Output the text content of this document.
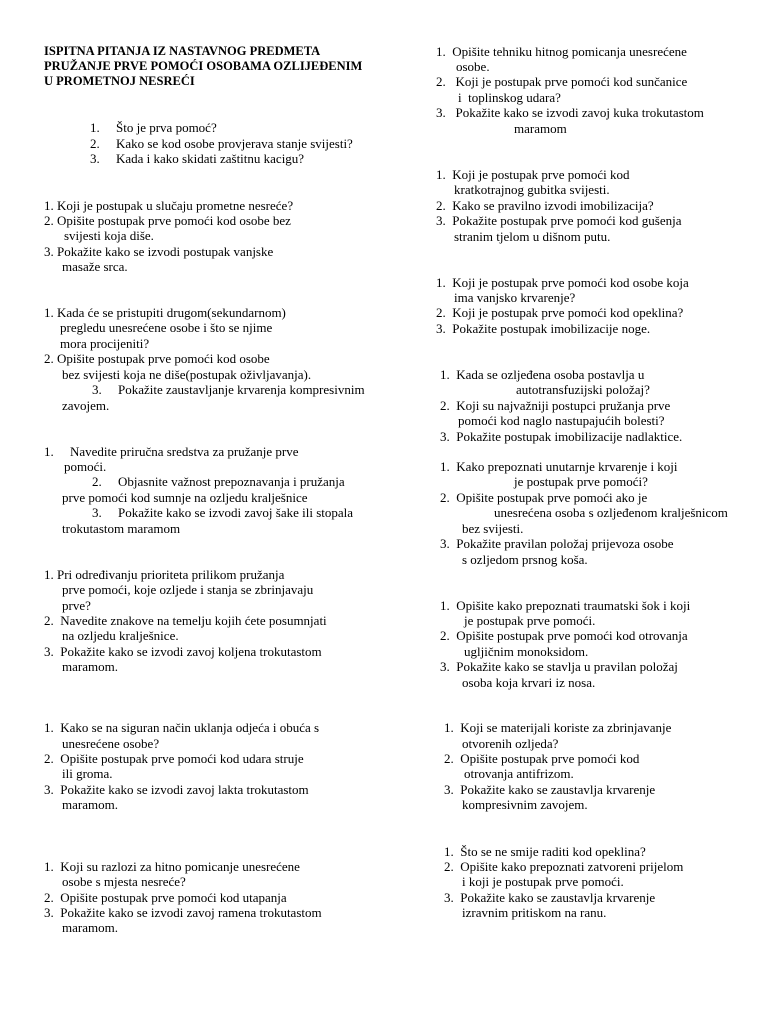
ISPITNA PITANJA IZ NASTAVNOG PREDMETA
PRUŽANJE PRVE POMOĆI OSOBAMA OZLIJEĐENIM
U PROMETNOJ NESREĆI
1.     Što je prva pomoć?
2.     Kako se kod osobe provjerava stanje svijesti?
3.     Kada i kako skidati zaštitnu kacigu?
1. Koji je postupak u slučaju prometne nesreće?
2. Opišite postupak prve pomoći kod osobe bez
svijesti koja diše.
3. Pokažite kako se izvodi postupak vanjske
masaže srca.
1. Kada će se pristupiti drugom(sekundarnom)
pregledu unesrećene osobe i što se njime
mora procijeniti?
2. Opišite postupak prve pomoći kod osobe
bez svijesti koja ne diše(postupak oživljavanja).
3.     Pokažite zaustavljanje krvarenja kompresivnim
zavojem.
1.     Navedite priručna sredstva za pružanje prve
pomoći.
2.     Objasnite važnost prepoznavanja i pružanja
prve pomoći kod sumnje na ozljedu kralješnice
3.     Pokažite kako se izvodi zavoj šake ili stopala
trokutastom maramom
1. Pri određivanju prioriteta prilikom pružanja
prve pomoći, koje ozljede i stanja se zbrinjavaju
prve?
2.  Navedite znakove na temelju kojih ćete posumnjati
na ozljedu kralješnice.
3.  Pokažite kako se izvodi zavoj koljena trokutastom
maramom.
1.  Kako se na siguran način uklanja odjeća i obuća s
unesrećene osobe?
2.  Opišite postupak prve pomoći kod udara struje
ili groma.
3.  Pokažite kako se izvodi zavoj lakta trokutastom
maramom.
1.  Koji su razlozi za hitno pomicanje unesrećene
osobe s mjesta nesreće?
2.  Opišite postupak prve pomoći kod utapanja
3.  Pokažite kako se izvodi zavoj ramena trokutastom
maramom.
1.  Opišite tehniku hitnog pomicanja unesrećene
osobe.
2.   Koji je postupak prve pomoći kod sunčanice
i  toplinskog udara?
3.   Pokažite kako se izvodi zavoj kuka trokutastom
maramom
1.  Koji je postupak prve pomoći kod
kratkotrajnog gubitka svijesti.
2.  Kako se pravilno izvodi imobilizacija?
3.  Pokažite postupak prve pomoći kod gušenja
stranim tjelom u dišnom putu.
1.  Koji je postupak prve pomoći kod osobe koja
ima vanjsko krvarenje?
2.  Koji je postupak prve pomoći kod opeklina?
3.  Pokažite postupak imobilizacije noge.
1.  Kada se ozljeđena osoba postavlja u
autotransfuzijski položaj?
2.  Koji su najvažniji postupci pružanja prve
pomoći kod naglo nastupajućih bolesti?
3.  Pokažite postupak imobilizacije nadlaktice.
1.  Kako prepoznati unutarnje krvarenje i koji
je postupak prve pomoći?
2.  Opišite postupak prve pomoći ako je
unesrećena osoba s ozljeđenom kralješnicom
bez svijesti.
3.  Pokažite pravilan položaj prijevoza osobe
s ozljedom prsnog koša.
1.  Opišite kako prepoznati traumatski šok i koji
je postupak prve pomoći.
2.  Opišite postupak prve pomoći kod otrovanja
ugljičnim monoksidom.
3.  Pokažite kako se stavlja u pravilan položaj
osoba koja krvari iz nosa.
1.  Koji se materijali koriste za zbrinjavanje
otvorenih ozljeda?
2.  Opišite postupak prve pomoći kod
otrovanja antifrizom.
3.  Pokažite kako se zaustavlja krvarenje
kompresivnim zavojem.
1.  Što se ne smije raditi kod opeklina?
2.  Opišite kako prepoznati zatvoreni prijelom
i koji je postupak prve pomoći.
3.  Pokažite kako se zaustavlja krvarenje
izravnim pritiskom na ranu.
